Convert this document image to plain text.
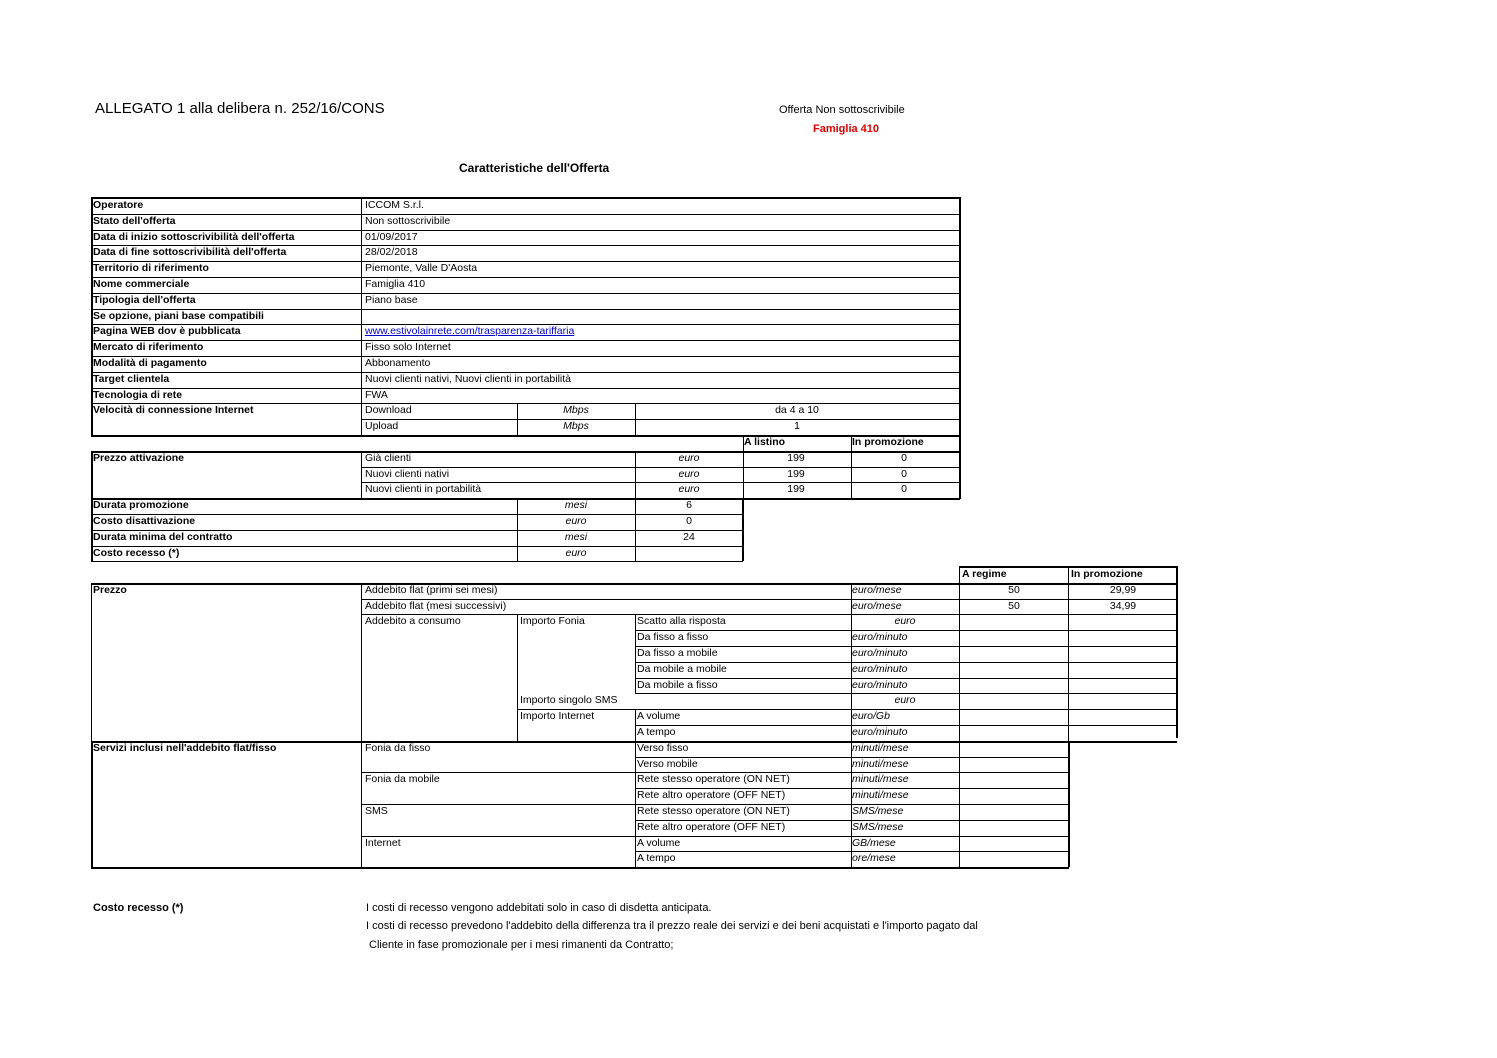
ALLEGATO 1 alla delibera n. 252/16/CONS	Offerta Non sottoscrivibile
Famiglia 410
Caratteristiche dell'Offerta
Operatore	ICCOM S.r.l.
Stato dell'offerta	Non sottoscrivibile
Data di inizio sottoscrivibilità dell'offerta	01/09/2017
Data di fine sottoscrivibilità dell'offerta	28/02/2018
Territorio di riferimento	Piemonte, Valle D'Aosta
Nome commerciale	Famiglia 410
Tipologia dell'offerta	Piano base
Se opzione, piani base compatibili
Pagina WEB dov è pubblicata	www.estivolainrete.com/trasparenza-tariffaria
Mercato di riferimento	Fisso solo Internet
Modalità di pagamento	Abbonamento
Target clientela	Nuovi clienti nativi, Nuovi clienti in portabilità
Tecnologia di rete	FWA
Velocità di connessione Internet	Download	Mbps	da 4 a 10
Upload	Mbps	1
A listino	In promozione
Prezzo attivazione	Già clienti	euro	199	0
Nuovi clienti nativi	euro	199	0
Nuovi clienti in portabilità	euro	199	0
Durata promozione	mesi	6
Costo disattivazione	euro	0
Durata minima del contratto	mesi	24
Costo recesso (*)	euro
A regime	In promozione
Prezzo	Addebito flat (primi sei mesi)	euro/mese	50	29,99
Addebito flat (mesi successivi)	euro/mese	50	34,99
Addebito a consumo	Importo Fonia	Scatto alla risposta	euro
Da fisso a fisso	euro/minuto
Da fisso a mobile	euro/minuto
Da mobile a mobile	euro/minuto
Da mobile a fisso	euro/minuto
Importo singolo SMS	euro
Importo Internet	A volume	euro/Gb
A tempo	euro/minuto
Servizi inclusi nell'addebito flat/fisso	Fonia da fisso	Verso fisso	minuti/mese
Verso mobile	minuti/mese
Fonia da mobile	Rete stesso operatore (ON NET)	minuti/mese
Rete altro operatore (OFF NET)	minuti/mese
SMS	Rete stesso operatore (ON NET)	SMS/mese
Rete altro operatore (OFF NET)	SMS/mese
Internet	A volume	GB/mese
A tempo	ore/mese
Costo recesso (*)	I costi di recesso vengono addebitati solo in caso di disdetta anticipata.
I costi di recesso prevedono l'addebito della differenza tra il prezzo reale dei servizi e dei beni acquistati e l'importo pagato dal
Cliente in fase promozionale per i mesi rimanenti da Contratto;
